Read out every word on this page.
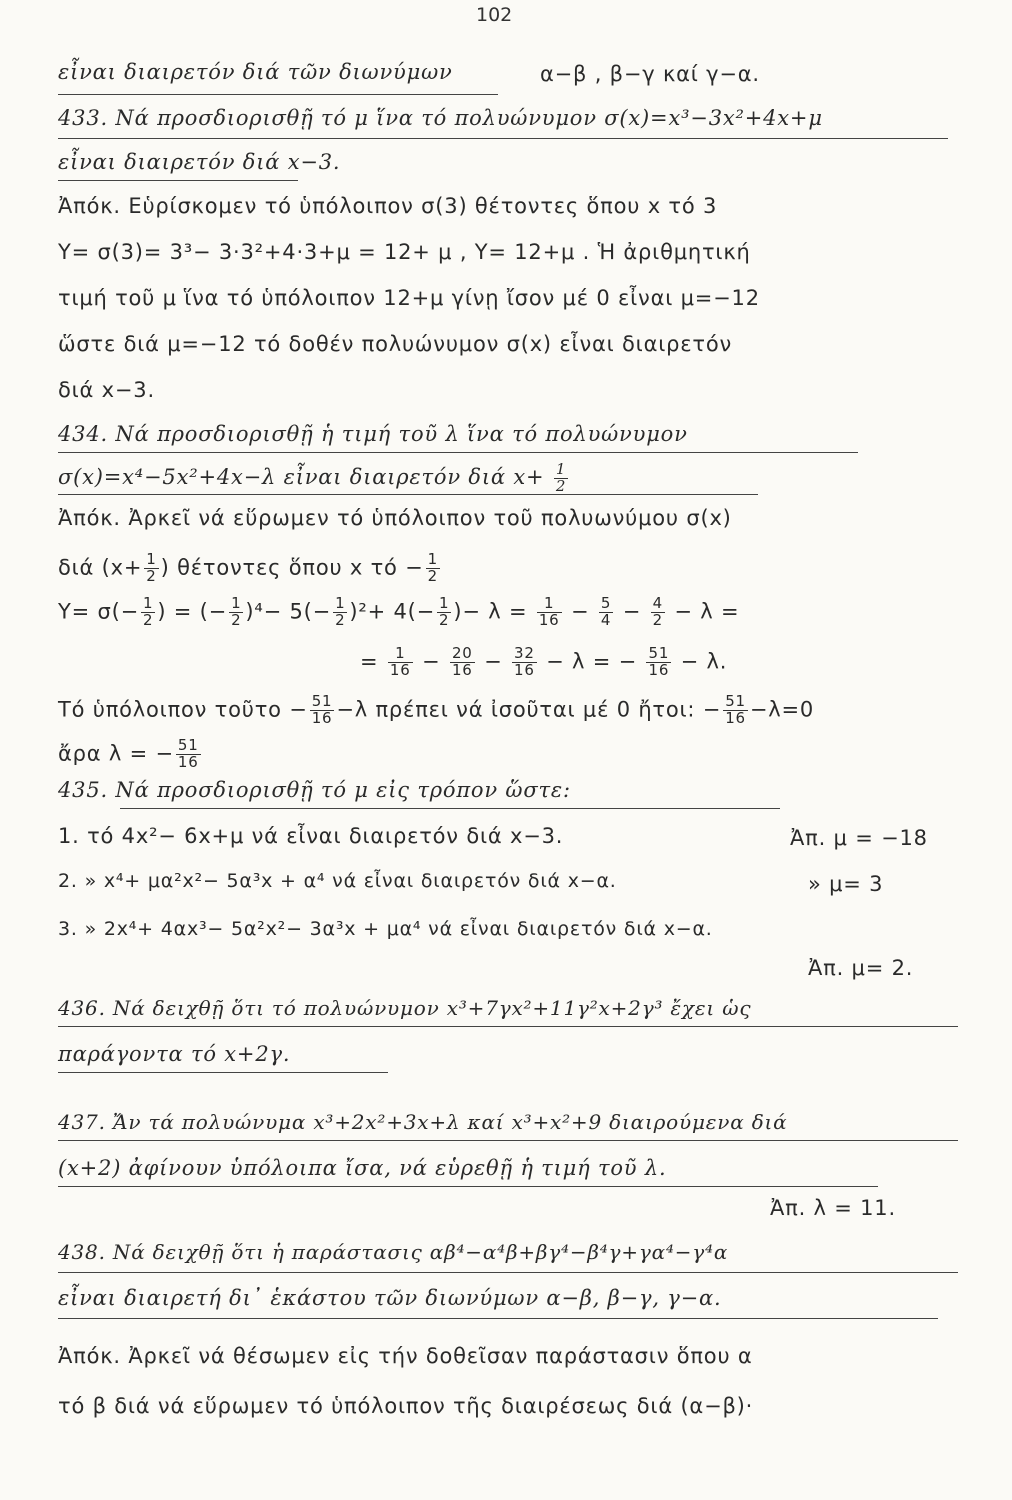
102
εἶναι διαιρετόν διά τῶν διωνύμων	α−β , β−γ καί γ−α.
433. Νά προσδιορισθῇ τό μ ἵνα τό πολυώνυμον σ(x)=x³−3x²+4x+μ
εἶναι διαιρετόν διά x−3.
Ἀπόκ. Εὑρίσκομεν τό ὑπόλοιπον σ(3) θέτοντες ὅπου x τό 3
Υ= σ(3)= 3³− 3·3²+4·3+μ = 12+ μ , Υ= 12+μ . Ἡ ἀριθμητική
τιμή τοῦ μ ἵνα τό ὑπόλοιπον 12+μ γίνῃ ἴσον μέ 0 εἶναι μ=−12
ὥστε διά μ=−12 τό δοθέν πολυώνυμον σ(x) εἶναι διαιρετόν
διά x−3.
434. Νά προσδιορισθῇ ἡ τιμή τοῦ λ ἵνα τό πολυώνυμον
σ(x)=x⁴−5x²+4x−λ εἶναι διαιρετόν διά $x+ \frac{1}{2}$
Ἀπόκ. Ἀρκεῖ νά εὕρωμεν τό ὑπόλοιπον τοῦ πολυωνύμου σ(x)
διά ($x+ \frac{1}{2}$ ) θέτοντες ὅπου x $\tau ό - \frac{1}{2}$
$\Upsilon= \sigma(- \frac{1}{2}$ ) = (− $\frac{1}{2} )^4- 5(- \frac{1}{2} )^2+ 4(- \frac{1}{2}$ )− $\lambda = \frac{1}{16} - \frac{5}{4} - \frac{4}{2} - \lambda$ =
= $\frac{1}{16} - \frac{20}{16} - \frac{32}{16} - \lambda$ = − $\frac{51}{16} - \lambda$.
Τό ὑπόλοιπον τοῦτο − $\frac{51}{16} -\lambda$ πρέπει νά ἰσοῦται μέ 0 ἤτοι: − $\frac{51}{16} -\lambda=0$
ἄρα λ = − $\frac{51}{16}$
435. Νά προσδιορισθῇ τό μ εἰς τρόπον ὥστε:
1. τό 4x²− 6x+μ νά εἶναι διαιρετόν διά x−3.	Ἀπ. μ = −18
2. » x⁴+ μα²x²− 5α³x + α⁴ νά εἶναι διαιρετόν διά x−α.	» μ= 3
3. » 2x⁴+ 4αx³− 5α²x²− 3α³x + μα⁴ νά εἶναι διαιρετόν διά x−α.
Ἀπ. μ= 2.
436. Νά δειχθῇ ὅτι τό πολυώνυμον x³+7γx²+11γ²x+2γ³ ἔχει ὡς
παράγοντα τό x+2γ.
437. Ἄν τά πολυώνυμα x³+2x²+3x+λ καί x³+x²+9 διαιρούμενα διά
(x+2) ἀφίνουν ὑπόλοιπα ἴσα, νά εὑρεθῇ ἡ τιμή τοῦ λ.
Ἀπ. λ = 11.
438. Νά δειχθῇ ὅτι ἡ παράστασις αβ⁴−α⁴β+βγ⁴−β⁴γ+γα⁴−γ⁴α
εἶναι διαιρετή δι᾽ ἑκάστου τῶν διωνύμων α−β, β−γ, γ−α.
Ἀπόκ. Ἀρκεῖ νά θέσωμεν εἰς τήν δοθεῖσαν παράστασιν ὅπου α
τό β διά νά εὕρωμεν τό ὑπόλοιπον τῆς διαιρέσεως διά (α−β)·
